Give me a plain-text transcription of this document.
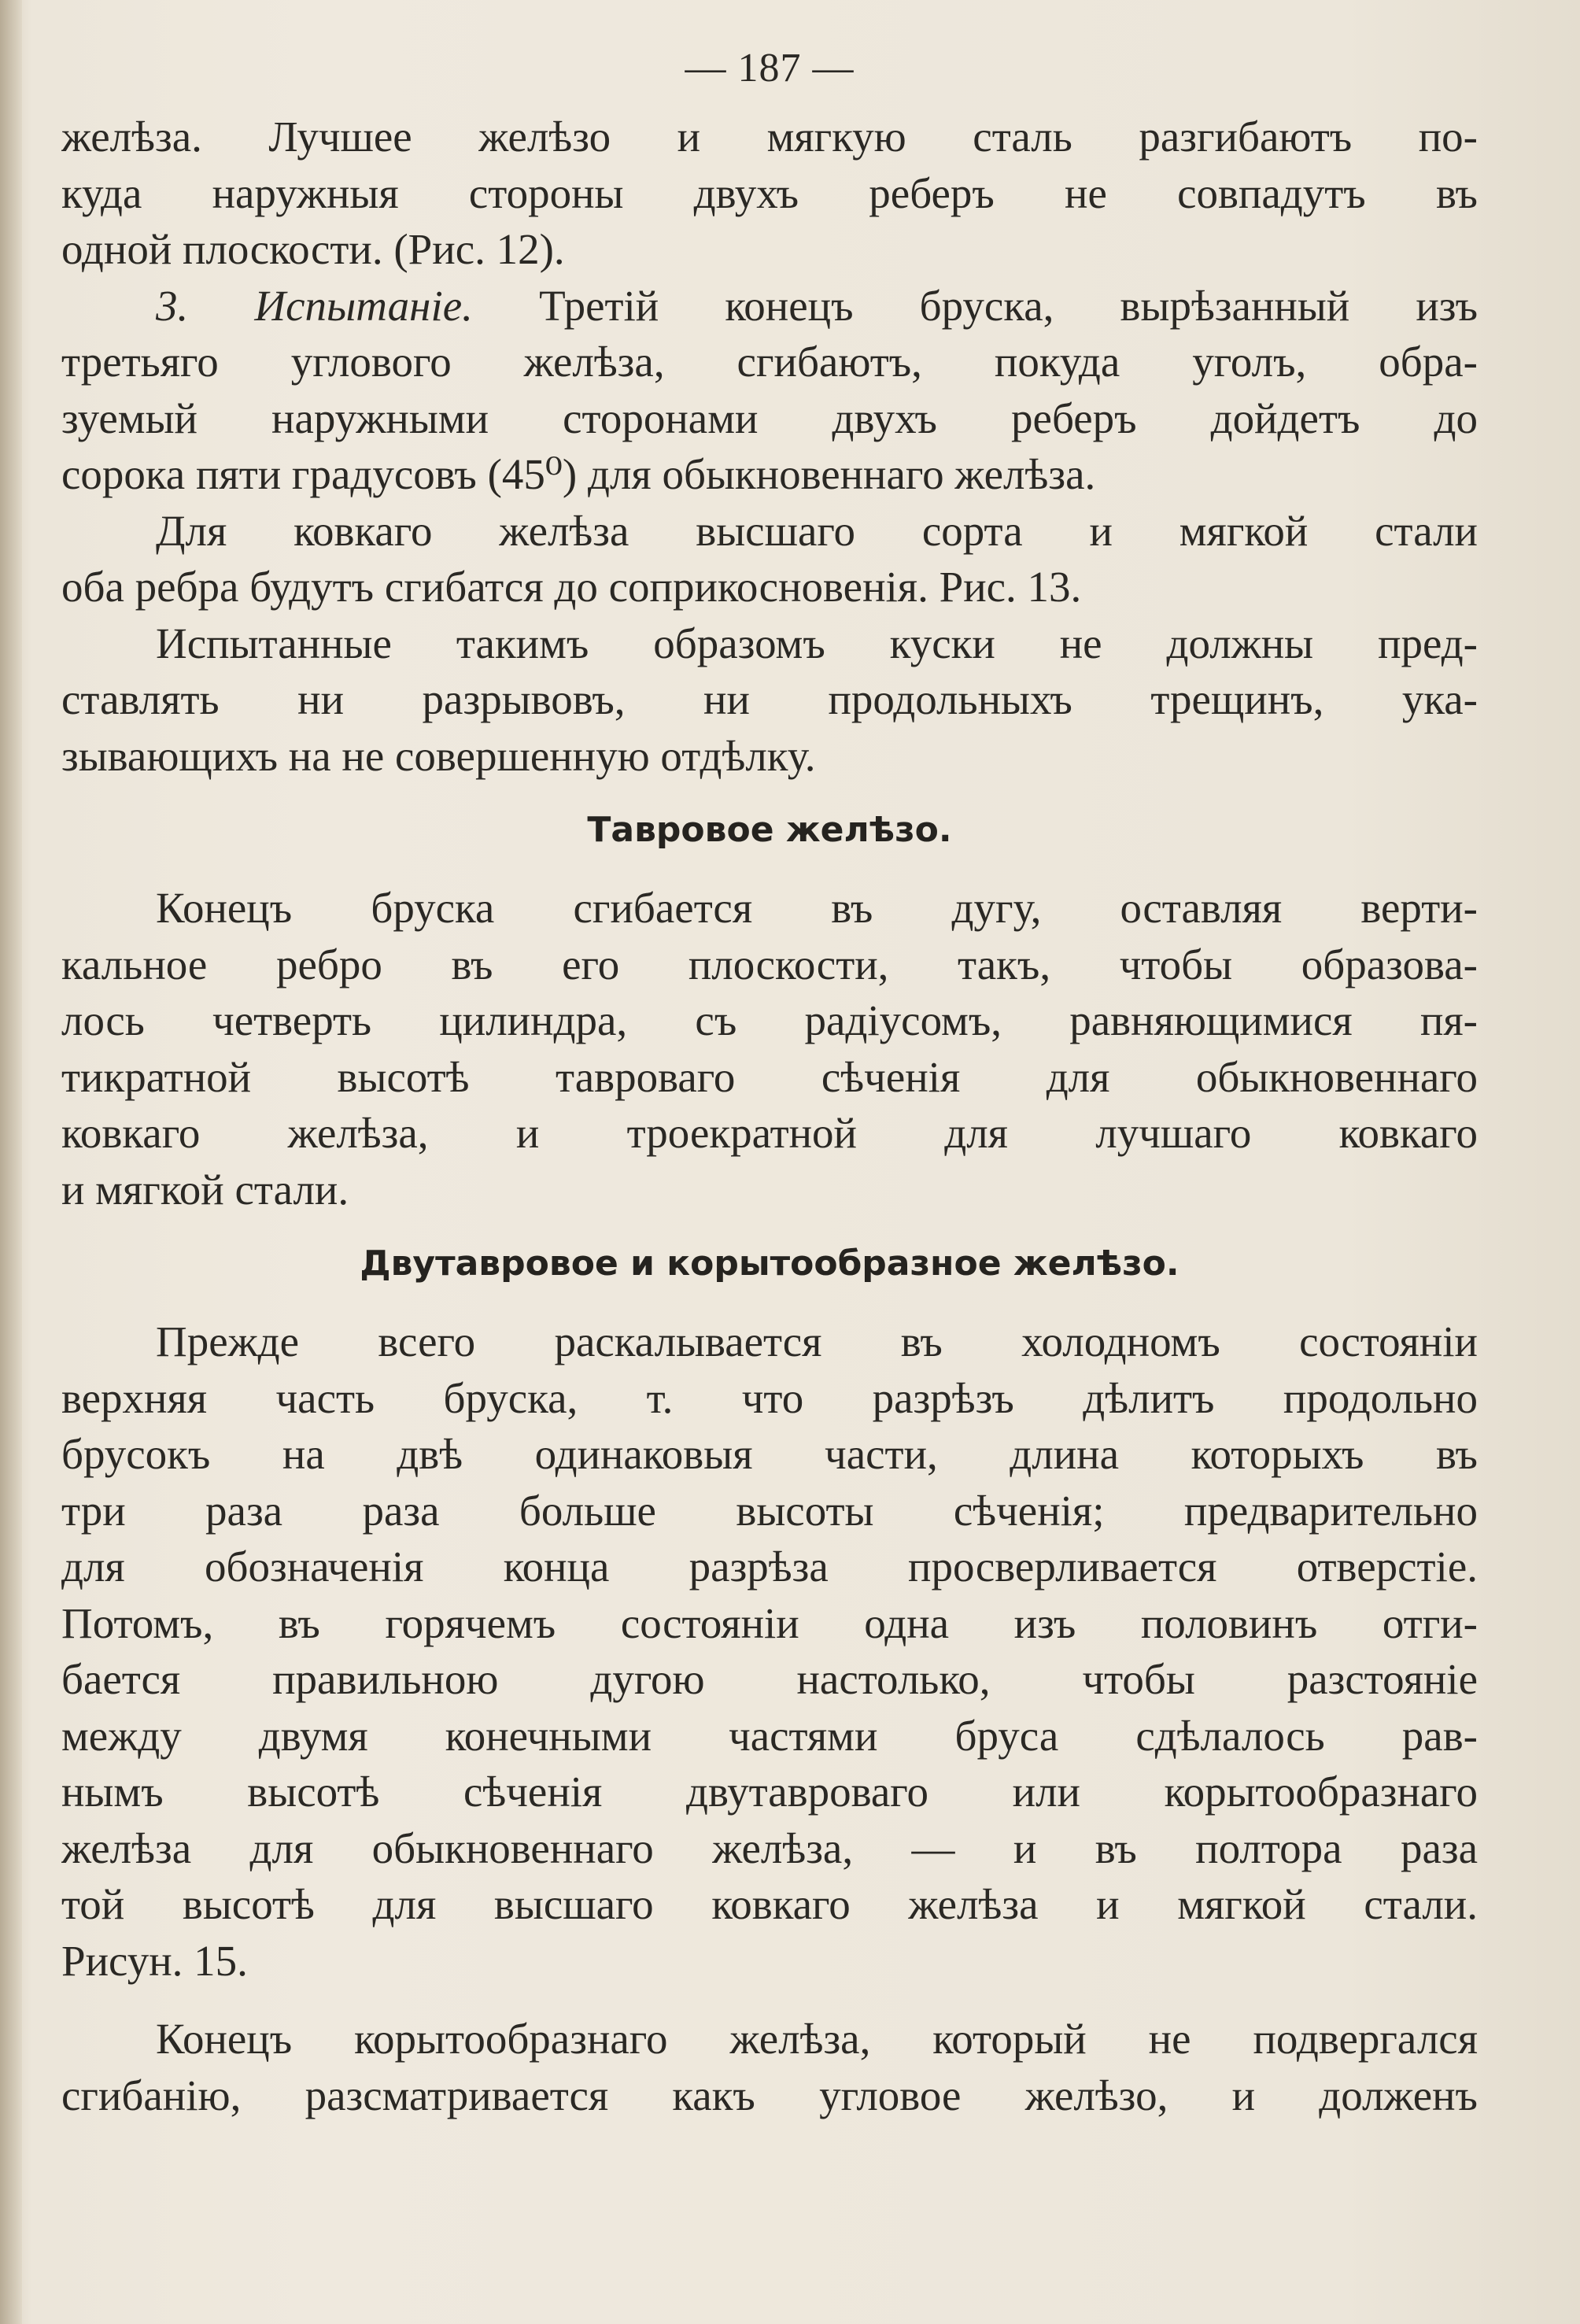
— 187 —
желѣза. Лучшее желѣзо и мягкую сталь разгибаютъ по-
куда наружныя стороны двухъ реберъ не совпадутъ въ
одной плоскости. (Рис. 12).
3. Испытаніе. Третій конецъ бруска, вырѣзанный изъ
третьяго углового желѣза, сгибаютъ, покуда уголъ, обра-
зуемый наружными сторонами двухъ реберъ дойдетъ до
сорока пяти градусовъ (45⁰) для обыкновеннаго желѣза.
Для ковкаго желѣза высшаго сорта и мягкой стали
оба ребра будутъ сгибатся до соприкосновенія. Рис. 13.
Испытанные такимъ образомъ куски не должны пред-
ставлять ни разрывовъ, ни продольныхъ трещинъ, ука-
зывающихъ на не совершенную отдѣлку.
Тавровое желѣзо.
Конецъ бруска сгибается въ дугу, оставляя верти-
кальное ребро въ его плоскости, такъ, чтобы образова-
лось четверть цилиндра, съ радіусомъ, равняющимися пя-
тикратной высотѣ тавроваго сѣченія для обыкновеннаго
ковкаго желѣза, и троекратной для лучшаго ковкаго
и мягкой стали.
Двутавровое и корытообразное желѣзо.
Прежде всего раскалывается въ холодномъ состояніи
верхняя часть бруска, т. что разрѣзъ дѣлитъ продольно
брусокъ на двѣ одинаковыя части, длина которыхъ въ
три раза раза больше высоты сѣченія; предварительно
для обозначенія конца разрѣза просверливается отверстіе.
Потомъ, въ горячемъ состояніи одна изъ половинъ отги-
бается правильною дугою настолько, чтобы разстояніе
между двумя конечными частями бруса сдѣлалось рав-
нымъ высотѣ сѣченія двутавроваго или корытообразнаго
желѣза для обыкновеннаго желѣза, — и въ полтора раза
той высотѣ для высшаго ковкаго желѣза и мягкой стали.
Рисун. 15.
Конецъ корытообразнаго желѣза, который не подвергался
сгибанію, разсматривается какъ угловое желѣзо, и долженъ
